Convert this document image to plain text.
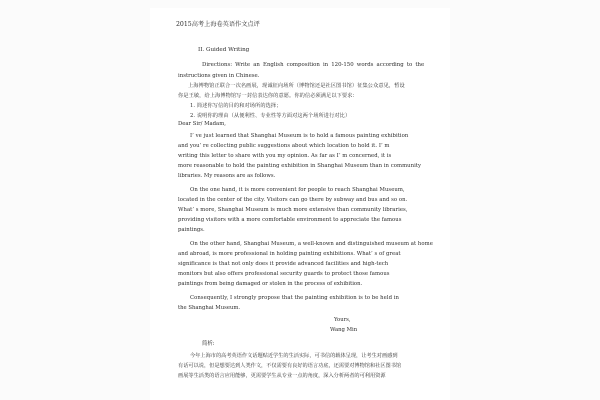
2015高考上海卷英语作文点评
II. Guided Writing
Directions: Write an English composition in 120-150 words according to the
instructions given in Chinese.
上海博物馆正联合一次名画展，现诚征向场所（博物馆还是社区图书馆）征集公众意见，暂设
你是王敏，给上海博物馆写一封信表达你的意愿。你的信必须满足以下要求：
1. 简述你写信的目的和对场所的选择；
2. 说明你的理由（从便利性、专业性等方面对这两个场所进行对比）
Dear Sir/ Madam,
I’ ve just learned that Shanghai Museum is to hold a famous painting exhibition
and you’ re collecting public suggestions about which location to hold it. I’ m
writing this letter to share with you my opinion. As far as I’ m concerned, it is
more reasonable to hold the painting exhibition in Shanghai Museum than in community
libraries. My reasons are as follows.
On the one hand, it is more convenient for people to reach Shanghai Museum,
located in the center of the city. Visitors can go there by subway and bus and so on.
What’ s more, Shanghai Museum is much more extensive than community libraries,
providing visitors with a more comfortable environment to appreciate the famous
paintings.
On the other hand, Shanghai Museum, a well-known and distinguished museum at home
and abroad, is more professional in holding painting exhibitions. What’ s of great
significance is that not only does it provide advanced facilities and high-tech
monitors but also offers professional security guards to protect those famous
paintings from being damaged or stolen in the process of exhibition.
Consequently, I strongly propose that the painting exhibition is to be held in
the Shanghai Museum.
Yours,
Wang Min
简析:
今年上海市的高考英语作文话题贴近学生的生活实际，可书信的载体呈现，让考生对画感到
有话可以说，但是想要达到人类作文，不仅需要有良好的语言功底，还需要对博物馆和社区图书馆
画展等生活类的语言应用能够，更需要学生从专业一点的角度，深入分析两者的可利用资源
